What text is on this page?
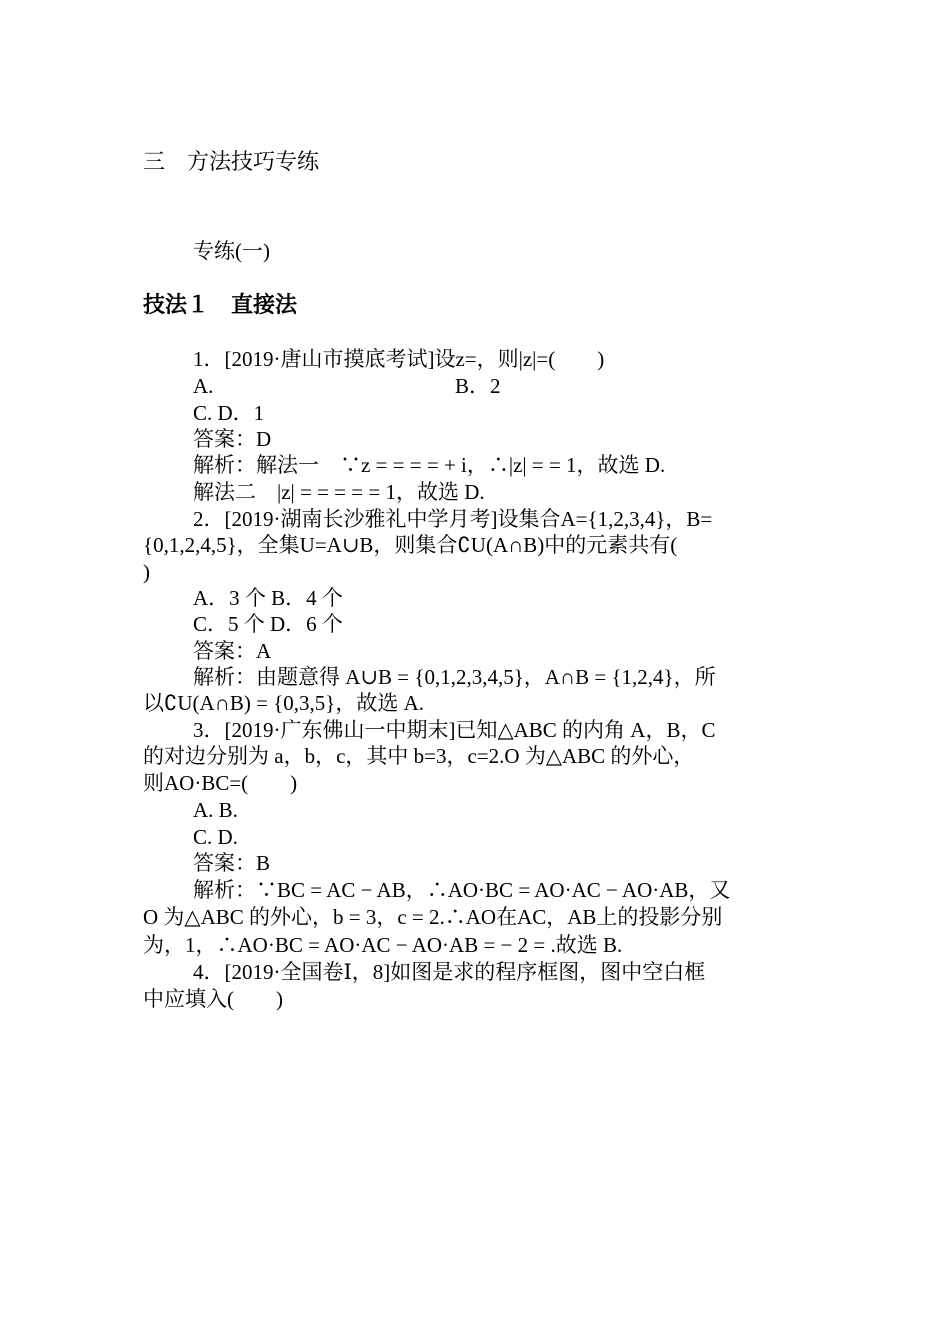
三　方法技巧专练
专练(一)
技法１　直接法
1．[2019·唐山市摸底考试]设z=，则|z|=(　　)
A.	B．2
C. D．1
答案：D
解析：解法一　∵z = = = = + i，∴|z| = = 1，故选 D.
解法二　|z| = = = = = 1，故选 D.
2．[2019·湖南长沙雅礼中学月考]设集合A={1,2,3,4}，B=
{0,1,2,4,5}，全集U=A∪B，则集合∁U(A∩B)中的元素共有(
)
A．3 个 B．4 个
C．5 个 D．6 个
答案：A
解析：由题意得 A∪B = {0,1,2,3,4,5}，A∩B = {1,2,4}，所
以∁U(A∩B) = {0,3,5}，故选 A.
3．[2019·广东佛山一中期末]已知△ABC 的内角 A，B，C
的对边分别为 a，b，c，其中 b=3，c=2.O 为△ABC 的外心，
则AO·BC=(　　)
A. B.
C. D.
答案：B
解析：∵BC = AC − AB，∴AO·BC = AO·AC − AO·AB，又
O 为△ABC 的外心，b = 3，c = 2.∴AO在AC，AB上的投影分别
为，1，∴AO·BC = AO·AC − AO·AB = − 2 = .故选 B.
4．[2019·全国卷Ⅰ，8]如图是求的程序框图，图中空白框
中应填入(　　)
